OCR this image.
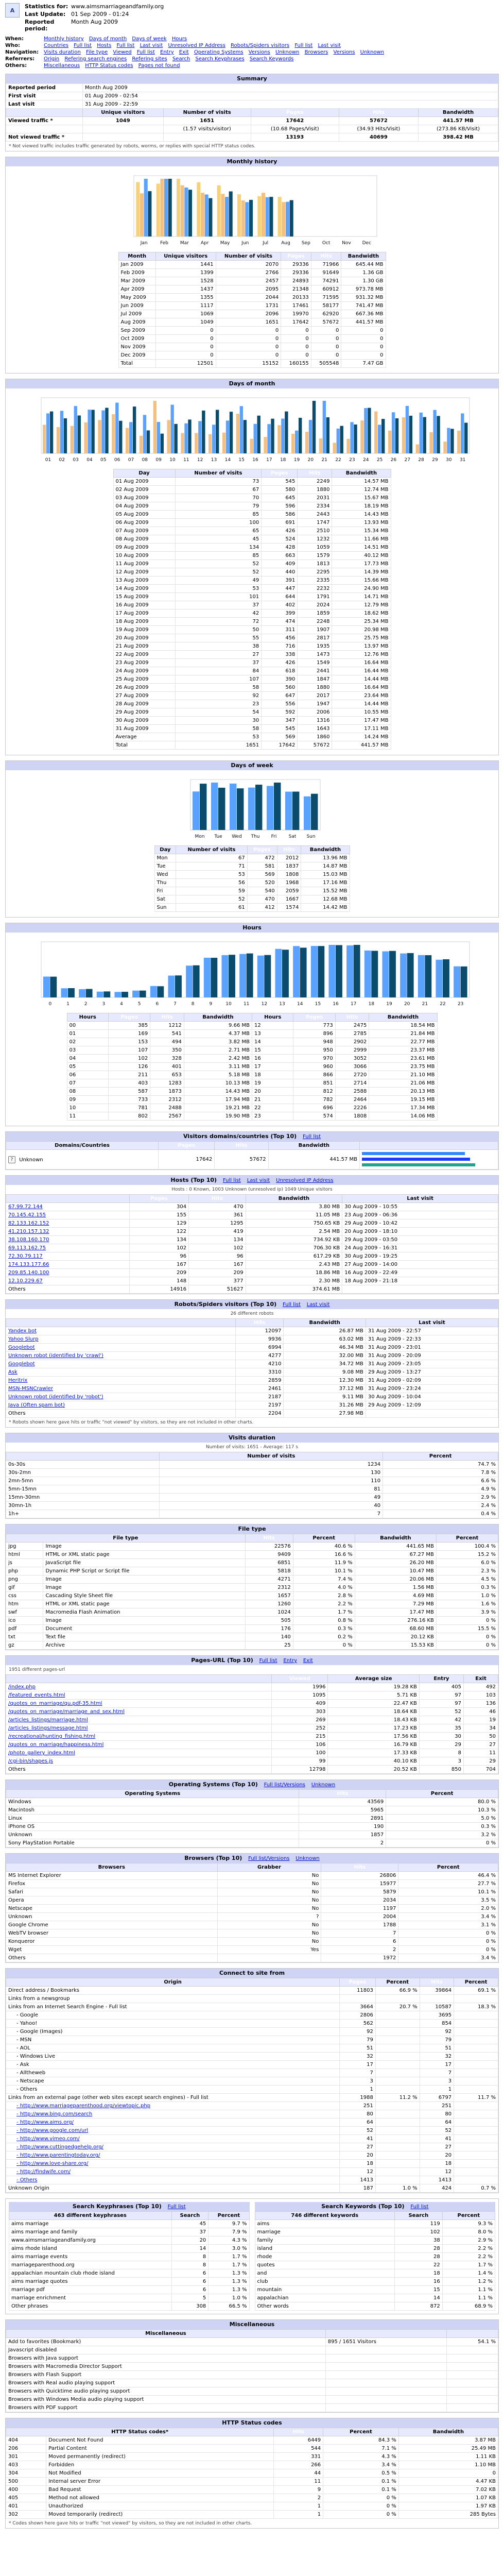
A
Statistics for: www.aimsmarriageandfamily.org
Last Update: 01 Sep 2009 - 01:24
Reported period:
Month Aug 2009
When:	Monthly history Days of month Days of week Hours
Who:	Countries Full list Hosts Full list Last visit Unresolved IP Address Robots/Spiders visitors Full list Last visit
Navigation: Visits duration File type Viewed Full list Entry Exit Operating Systems Versions Unknown Browsers Versions Unknown
Referrers:	Origin Refering search engines Refering sites Search Search Keyphrases Search Keywords
Others:	Miscellaneous HTTP Status codes Pages not found
Summary
Reported period	Month Aug 2009				
First visit	01 Aug 2009 - 02:54				
Last visit	31 Aug 2009 - 22:59				
	Unique visitors	Number of visits	Pages	Hits	Bandwidth
Viewed traffic *	1049	1651	17642	57672	441.57 MB
		(1.57 visits/visitor)	(10.68 Pages/Visit)	(34.93 Hits/Visit)	(273.86 KB/Visit)
Not viewed traffic *			13193	40699	398.42 MB
* Not viewed traffic includes traffic generated by robots, worms, or replies with special HTTP status codes.
Monthly history
Jan	Feb	Mar	Apr May	Jun	Jul	Aug Sep	Oct	Nov Dec
Month	Unique visitors	Number of visits	Pages	Hits	Bandwidth
Jan 2009	1441	2070	29336	71966	645.44 MB
Feb 2009	1399	2766	29336	91649	1.36 GB
Mar 2009	1528	2457	24893	74291	1.30 GB
Apr 2009	1437	2095	21348	60912	973.78 MB
May 2009	1355	2044	20133	71595	931.32 MB
Jun 2009	1117	1731	17461	58177	741.47 MB
Jul 2009	1069	2096	19970	62920	667.36 MB
Aug 2009	1049	1651	17642	57672	441.57 MB
Sep 2009	0	0	0	0	0
Oct 2009	0	0	0	0	0
Nov 2009	0	0	0	0	0
Dec 2009	0	0	0	0	0
Total	12501	15152	160155	505548	7.47 GB
Days of month
01 02 03 04 05 06 07 08 09 10 11 12 13 14 15 16 17 18 19 20 21 22 23 24 25 26 27 28 29 30 31
Day	Number of visits	Pages	Hits	Bandwidth
01 Aug 2009	73	545	2249	14.57 MB
02 Aug 2009	67	580	1880	12.74 MB
03 Aug 2009	70	645	2031	15.67 MB
04 Aug 2009	79	596	2334	18.19 MB
05 Aug 2009	85	586	2443	14.43 MB
06 Aug 2009	100	691	1747	13.93 MB
07 Aug 2009	65	426	2510	15.34 MB
08 Aug 2009	45	524	1232	11.66 MB
09 Aug 2009	134	428	1059	14.51 MB
10 Aug 2009	85	663	1579	40.12 MB
11 Aug 2009	52	409	1813	17.73 MB
12 Aug 2009	52	440	2295	14.39 MB
13 Aug 2009	49	391	2335	15.66 MB
14 Aug 2009	53	447	2232	24.90 MB
15 Aug 2009	101	644	1791	14.71 MB
16 Aug 2009	37	402	2024	12.79 MB
17 Aug 2009	42	399	1859	18.62 MB
18 Aug 2009	72	474	2248	25.34 MB
19 Aug 2009	50	311	1907	20.98 MB
20 Aug 2009	55	456	2817	25.75 MB
21 Aug 2009	38	716	1935	13.97 MB
22 Aug 2009	27	338	1473	12.76 MB
23 Aug 2009	37	426	1549	16.64 MB
24 Aug 2009	84	618	2441	16.44 MB
25 Aug 2009	107	390	1847	14.44 MB
26 Aug 2009	58	560	1880	16.64 MB
27 Aug 2009	92	647	2017	23.64 MB
28 Aug 2009	23	556	1947	14.44 MB
29 Aug 2009	54	592	2006	10.55 MB
30 Aug 2009	30	347	1316	17.47 MB
31 Aug 2009	58	545	1643	17.11 MB
Average	53	569	1860	14.24 MB
Total	1651	17642	57672	441.57 MB
Days of week
Mon Tue Wed Thu Fri	Sat Sun
Day	Number of visits	Pages	Hits	Bandwidth
Mon	67	472	2012	13.96 MB
Tue	71	581	1837	14.87 MB
Wed	53	569	1808	15.03 MB
Thu	56	520	1968	17.16 MB
Fri	59	540	2059	15.52 MB
Sat	52	470	1667	12.68 MB
Sun	61	412	1574	14.42 MB
Hours
0	1	2	3	4	5	6	7	8	9	10	11	12	13	14	15	16	17	18	19	20	21	22	23
Hours	Pages	Hits	Bandwidth	Hours	Pages	Hits	Bandwidth
00	385	1212	9.66 MB	12	773	2475	18.54 MB
01	169	541	4.37 MB	13	896	2785	21.84 MB
02	153	494	3.82 MB	14	948	2902	22.77 MB
03	107	350	2.71 MB	15	950	2999	23.37 MB
04	102	328	2.42 MB	16	970	3052	23.61 MB
05	126	401	3.11 MB	17	960	3066	23.75 MB
06	211	653	5.18 MB	18	866	2720	21.10 MB
07	403	1283	10.13 MB	19	851	2714	21.06 MB
08	587	1873	14.43 MB	20	812	2588	20.13 MB
09	733	2312	17.94 MB	21	782	2464	19.15 MB
10	781	2488	19.21 MB	22	696	2226	17.34 MB
11	802	2567	19.90 MB	23	574	1808	14.06 MB
Visitors domains/countries (Top 10) Full list
Domains/Countries	Pages	Hits	Bandwidth	
? Unknown	17642	57672	441.57 MB	

Hosts (Top 10) Full list Last visit Unresolved IP Address
Hosts : 0 Known, 1003 Unknown (unresolved ip) 1049 Unique visitors
	Pages	Hits	Bandwidth	Last visit
67.99.72.144	304	470	3.80 MB	30 Aug 2009 - 10:55
70.145.42.155	155	361	11.05 MB	23 Aug 2009 - 06:36
82.133.162.152	129	1295	750.65 KB	29 Aug 2009 - 10:42
41.210.157.132	122	419	2.54 MB	20 Aug 2009 - 18:10
38.108.160.170	134	134	734.92 KB	29 Aug 2009 - 03:50
69.113.162.75	102	102	706.30 KB	24 Aug 2009 - 16:31
72.30.79.117	96	96	617.29 KB	30 Aug 2009 - 19:25
174.133.177.66	167	167	2.43 MB	27 Aug 2009 - 14:00
209.85.140.100	209	209	18.86 MB	16 Aug 2009 - 22:49
12.10.229.67	148	377	2.30 MB	18 Aug 2009 - 21:18
Others	14916	51627	374.61 MB	
Robots/Spiders visitors (Top 10) Full list Last visit
26 different robots
	Hits	Bandwidth	Last visit
Yandex bot	12097	26.87 MB	31 Aug 2009 - 22:57
Yahoo Slurp	9936	63.02 MB	31 Aug 2009 - 22:33
Googlebot	6994	46.34 MB	31 Aug 2009 - 23:01
Unknown robot (identified by 'crawl')	4277	32.00 MB	31 Aug 2009 - 20:09
Googlebot	4210	34.72 MB	31 Aug 2009 - 23:05
Ask	3310	9.08 MB	29 Aug 2009 - 13:27
Heritrix	2859	12.30 MB	31 Aug 2009 - 02:09
MSN-MSNCrawler	2461	37.12 MB	31 Aug 2009 - 23:24
Unknown robot (identified by 'robot')	2187	9.11 MB	30 Aug 2009 - 10:04
Java (Often spam bot)	2197	31.26 MB	29 Aug 2009 - 12:09
Others	2204	27.98 MB	
* Robots shown here gave hits or traffic "not viewed" by visitors, so they are not included in other charts.
Visits duration
Number of visits: 1651 - Average: 117 s
	Number of visits	Percent
0s-30s	1234	74.7 %
30s-2mn	130	7.8 %
2mn-5mn	110	6.6 %
5mn-15mn	81	4.9 %
15mn-30mn	49	2.9 %
30mn-1h	40	2.4 %
1h+	7	0.4 %
File type
File type		Hits	Percent	Bandwidth	Percent
jpg	Image	22576	40.6 %	441.65 MB	100.4 %
html	HTML or XML static page	9409	16.6 %	67.27 MB	15.2 %
js	JavaScript file	6851	11.9 %	26.20 MB	6.0 %
php	Dynamic PHP Script or Script file	5818	10.1 %	10.47 MB	2.3 %
png	Image	4271	7.4 %	20.06 MB	4.5 %
gif	Image	2312	4.0 %	1.56 MB	0.3 %
css	Cascading Style Sheet file	1657	2.8 %	4.69 MB	1.0 %
htm	HTML or XML static page	1260	2.2 %	7.29 MB	1.6 %
swf	Macromedia Flash Animation	1024	1.7 %	17.47 MB	3.9 %
ico	Image	505	0.8 %	276.16 KB	0 %
pdf	Document	176	0.3 %	68.60 MB	15.5 %
txt	Text file	140	0.2 %	20.12 KB	0 %
gz	Archive	25	0 %	15.53 KB	0 %
Pages-URL (Top 10) Full list Entry Exit
1951 different pages-url
	Viewed	Average size	Entry	Exit
/index.php	1996	19.28 KB	405	492
/featured_events.html	1095	5.71 KB	97	103
/quotes_on_marriage/qu.pdf-35.html	409	22.47 KB	97	136
/quotes_on_marriage/marriage_and_sex.html	303	18.64 KB	52	46
/articles_listings/marriage.html	269	18.43 KB	42	19
/articles_listings/message.html	252	17.23 KB	35	34
/recreational/hunting_fishing.html	215	17.56 KB	30	50
/quotes_on_marriage/happiness.html	106	16.79 KB	29	27
/photo_gallery_index.html	100	17.33 KB	8	11
/cgi-bin/shapes.js	99	40.10 KB	3	29
Others	12798	20.52 KB	850	704
Operating Systems (Top 10) Full list/Versions Unknown
Operating Systems	Hits	Percent
Windows	43569	80.0 %
Macintosh	5965	10.3 %
Linux	2891	5.0 %
iPhone OS	190	0.3 %
Unknown	1857	3.2 %
Sony PlayStation Portable	2	0 %
Browsers (Top 10) Full list/Versions Unknown
Browsers	Grabber	Hits	Percent
MS Internet Explorer	No	26806	46.4 %
Firefox	No	15977	27.7 %
Safari	No	5879	10.1 %
Opera	No	2034	3.5 %
Netscape	No	1197	2.0 %
Unknown	?	2004	3.4 %
Google Chrome	No	1788	3.1 %
WebTV browser	No	7	0 %
Konqueror	No	6	0 %
Wget	Yes	2	0 %
Others		1972	3.4 %
Connect to site from
Origin	Pages	Percent	Hits	Percent
Direct address / Bookmarks	11803	66.9 %	39864	69.1 %
Links from a newsgroup				
Links from an Internet Search Engine - Full list	3664	20.7 %	10587	18.3 %
- Google	2806		3695	
- Yahoo!	562		854	
- Google (Images)	92		92	
- MSN	79		79	
- AOL	51		51	
- Windows Live	32		32	
- Ask	17		17	
- Alltheweb	7		7	
- Netscape	3		3	
- Others	1		1	
Links from an external page (other web sites except search engines) - Full list	1988	11.2 %	6797	11.7 %
- http://www.marriageparenthood.org/viewtopic.php	251		251	
- http://www.bing.com/search	80		80	
- http://www.aims.org/	64		64	
- http://www.google.com/url	52		52	
- http://www.vimeo.com/	41		41	
- http://www.cuttingedgehelp.org/	27		27	
- http://www.parentingtoday.org/	20		20	
- http://www.love-share.org/	18		18	
- http://findwife.com/	12		12	
- Others	1413		1413	
Unknown Origin	187	1.0 %	424	0.7 %
Search Keyphrases (Top 10) Full list
463 different keyphrases	Search	Percent
aims marriage	45	9.7 %
aims marriage and family	37	7.9 %
www.aimsmarriageandfamily.org	20	4.3 %
aims rhode island	14	3.0 %
aims marriage events	8	1.7 %
marriageparenthood.org	8	1.7 %
appalachian mountain club rhode island	6	1.3 %
aims marriage quotes	6	1.3 %
marriage pdf	6	1.3 %
marriage enrichment	5	1.0 %
Other phrases	308	66.5 %
Search Keywords (Top 10) Full list
746 different keywords	Search	Percent
aims	119	9.3 %
marriage	102	8.0 %
family	38	2.9 %
island	28	2.2 %
rhode	28	2.2 %
quotes	22	1.7 %
and	18	1.4 %
club	16	1.2 %
mountain	15	1.1 %
appalachian	14	1.1 %
Other words	872	68.9 %
Miscellaneous
Miscellaneous		
Add to favorites (Bookmark)	895 / 1651 Visitors	54.1 %
Javascript disabled		
Browsers with Java support		
Browsers with Macromedia Director Support		
Browsers with Flash Support		
Browsers with Real audio playing support		
Browsers with Quicktime audio playing support		
Browsers with Windows Media audio playing support		
Browsers with PDF support		
HTTP Status codes
HTTP Status codes*		Hits	Percent	Bandwidth
404	Document Not Found	6449	84.3 %	3.87 MB
206	Partial Content	544	7.1 %	25.49 MB
301	Moved permanently (redirect)	331	4.3 %	1.11 KB
403	Forbidden	266	3.4 %	1.10 MB
304	Not Modified	44	0.5 %	0
500	Internal server Error	11	0.1 %	4.47 KB
400	Bad Request	9	0.1 %	7.02 KB
405	Method not allowed	2	0 %	1.07 KB
401	Unauthorized	1	0 %	1.97 KB
302	Moved temporarily (redirect)	1	0 %	285 Bytes
* Codes shown here gave hits or traffic "not viewed" by visitors, so they are not included in other charts.
